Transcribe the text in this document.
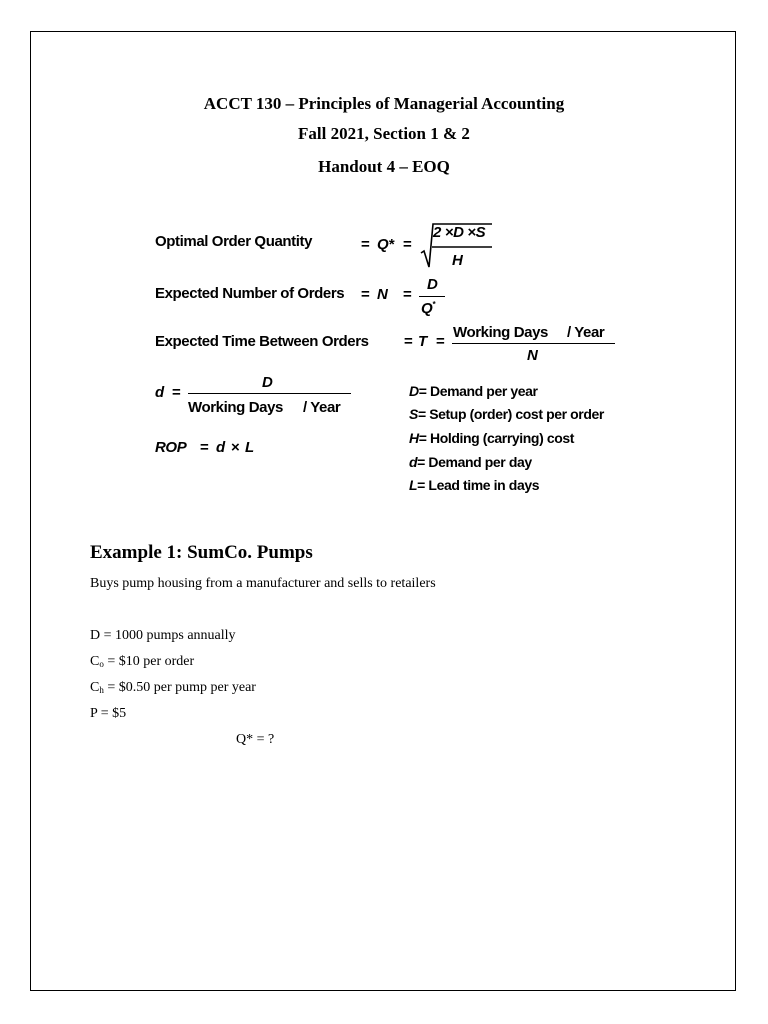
ACCT 130 – Principles of Managerial Accounting
Fall 2021, Section 1 & 2
Handout 4 – EOQ
Optimal Order Quantity	= Q* =
2 ×D ×S
H
Expected Number of Orders = N =
D
Q*
Expected Time Between Orders = T =
Working Days / Year
N
d =
D
Working Days / Year
ROP = d × L
D= Demand per year
S= Setup (order) cost per order
H= Holding (carrying) cost
d= Demand per day
L= Lead time in days
Example 1: SumCo. Pumps
Buys pump housing from a manufacturer and sells to retailers
D = 1000 pumps annually
$C_o$ = $10 per order
$C_h$ = $0.50 per pump per year
P = $5
Q* = ?
